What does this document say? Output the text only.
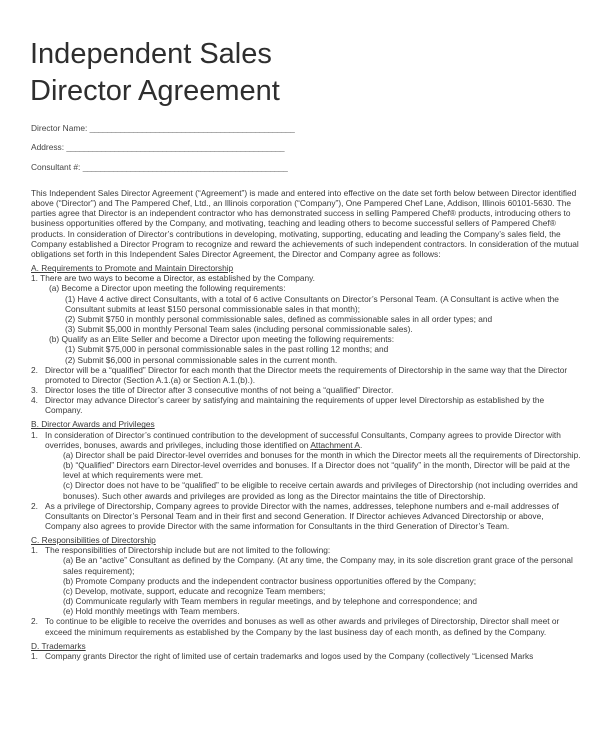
Independent Sales
Director Agreement
Director Name: _______________________________________________
Address: __________________________________________________
Consultant #: _______________________________________________

This Independent Sales Director Agreement (“Agreement”) is made and entered into effective on the date set forth below between Director identified above (“Director”) and The Pampered Chef, Ltd., an Illinois corporation (“Company”), One Pampered Chef Lane, Addison, Illinois 60101-5630. The parties agree that Director is an independent contractor who has demonstrated success in selling Pampered Chef® products, introducing others to business opportunities offered by the Company, and motivating, teaching and leading others to become successful sellers of Pampered Chef® products. In consideration of Director’s contributions in developing, motivating, supporting, educating and leading the Company’s sales field, the Company established a Director Program to recognize and reward the achievements of such independent contractors. In consideration of the mutual obligations set forth in this Independent Sales Director Agreement, the Director and Company agree as follows:

A. Requirements to Promote and Maintain Directorship
1. There are two ways to become a Director, as established by the Company.
(a) Become a Director upon meeting the following requirements:
(1) Have 4 active direct Consultants, with a total of 6 active Consultants on Director’s Personal Team. (A Consultant is active when the Consultant submits at least $150 personal commissionable sales in that month);
(2) Submit $750 in monthly personal commissionable sales, defined as commissionable sales in all order types; and
(3) Submit $5,000 in monthly Personal Team sales (including personal commissionable sales).
(b) Qualify as an Elite Seller and become a Director upon meeting the following requirements:
(1) Submit $75,000 in personal commissionable sales in the past rolling 12 months; and
(2) Submit $6,000 in personal commissionable sales in the current month.
2. Director will be a “qualified” Director for each month that the Director meets the requirements of Directorship in the same way that the Director promoted to Director (Section A.1.(a) or Section A.1.(b).).
3. Director loses the title of Director after 3 consecutive months of not being a “qualified” Director.
4. Director may advance Director’s career by satisfying and maintaining the requirements of upper level Directorship as established by the Company.
B. Director Awards and Privileges
1. In consideration of Director’s continued contribution to the development of successful Consultants, Company agrees to provide Director with overrides, bonuses, awards and privileges, including those identified on Attachment A.
(a) Director shall be paid Director-level overrides and bonuses for the month in which the Director meets all the requirements of Directorship.
(b) “Qualified” Directors earn Director-level overrides and bonuses. If a Director does not “qualify” in the month, Director will be paid at the level at which requirements were met.
(c) Director does not have to be “qualified” to be eligible to receive certain awards and privileges of Directorship (not including overrides and bonuses). Such other awards and privileges are provided as long as the Director maintains the title of Directorship.
2. As a privilege of Directorship, Company agrees to provide Director with the names, addresses, telephone numbers and e-mail addresses of Consultants on Director’s Personal Team and in their first and second Generation. If Director achieves Advanced Directorship or above, Company also agrees to provide Director with the same information for Consultants in the third Generation of Director’s Team.
C. Responsibilities of Directorship
1. The responsibilities of Directorship include but are not limited to the following:
(a) Be an “active” Consultant as defined by the Company. (At any time, the Company may, in its sole discretion grant grace of the personal sales requirement);
(b) Promote Company products and the independent contractor business opportunities offered by the Company;
(c) Develop, motivate, support, educate and recognize Team members;
(d) Communicate regularly with Team members in regular meetings, and by telephone and correspondence; and
(e) Hold monthly meetings with Team members.
2. To continue to be eligible to receive the overrides and bonuses as well as other awards and privileges of Directorship, Director shall meet or exceed the minimum requirements as established by the Company by the last business day of each month, as defined by the Company.
D. Trademarks
1. Company grants Director the right of limited use of certain trademarks and logos used by the Company (collectively “Licensed Marks
